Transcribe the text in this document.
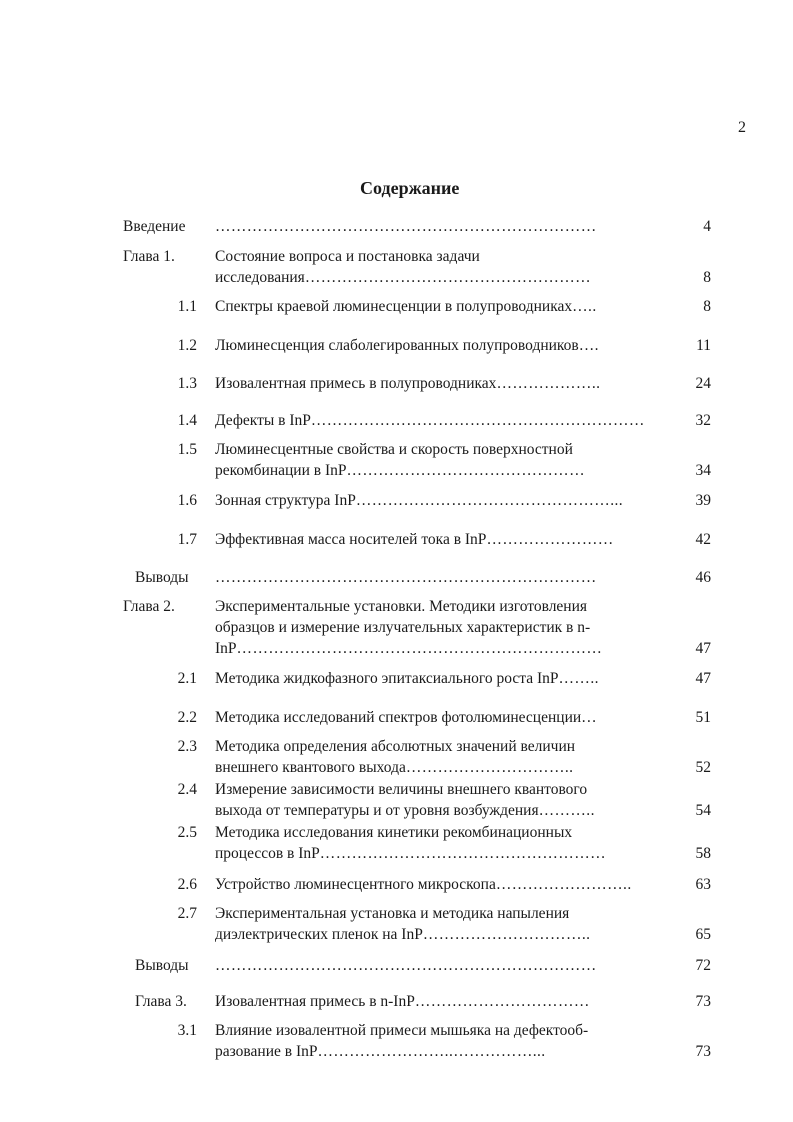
2
Содержание
Введение ………………………………………………………………	4
Глава 1.	Состояние вопроса и постановка задачи
исследования………………………………………………	8
1.1 Спектры краевой люминесценции в полупроводниках…..	8
1.2 Люминесценция слаболегированных полупроводников….	11
1.3 Изовалентная примесь в полупроводниках………………..	24
1.4 Дефекты в InP………………………………………………………	32
1.5 Люминесцентные свойства и скорость поверхностной
рекомбинации в InP………………………………………	34
1.6 Зонная структура InP…………………………………………...	39
1.7 Эффективная масса носителей тока в InP……………………	42
Выводы ………………………………………………………………	46
Глава 2.	Экспериментальные установки. Методики изготовления
образцов и измерение излучательных характеристик в n-
InP……………………………………………………………	47
2.1 Методика жидкофазного эпитаксиального роста InP……..	47
2.2 Методика исследований спектров фотолюминесценции…	51
2.3 Методика определения абсолютных значений величин
внешнего квантового выхода…………………………..	52
2.4 Измерение зависимости величины внешнего квантового
выхода от температуры и от уровня возбуждения………..	54
2.5 Методика исследования кинетики рекомбинационных
процессов в InP………………………………………………	58
2.6 Устройство люминесцентного микроскопа……………………..	63
2.7 Экспериментальная установка и методика напыления
диэлектрических пленок на InP…………………………..	65
Выводы ………………………………………………………………	72
Глава 3. Изовалентная примесь в n-InP……………………………	73
3.1 Влияние изовалентной примеси мышьяка на дефектооб-
разование в InP……………………..……………...	73
